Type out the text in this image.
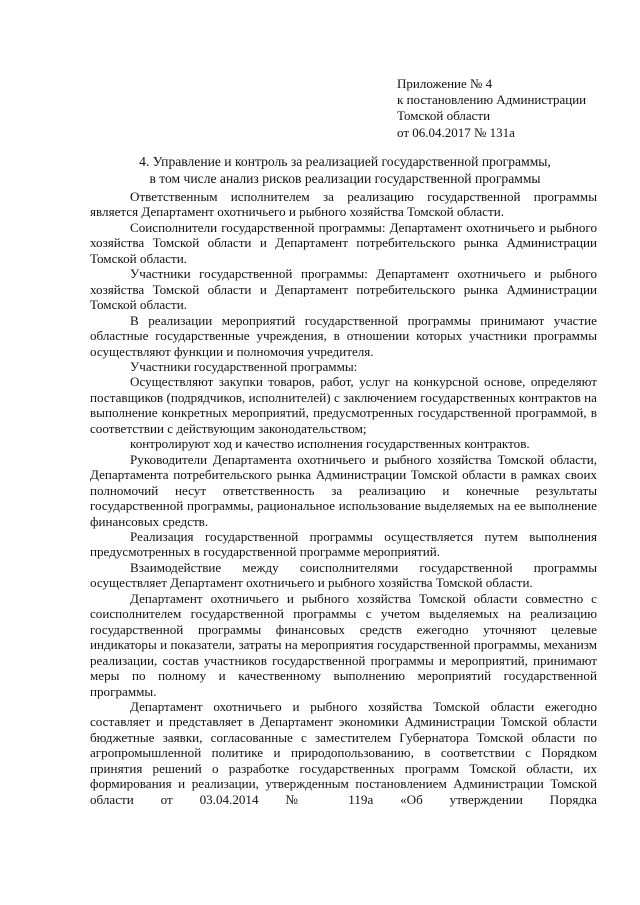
Приложение № 4
к постановлению Администрации
Томской области
от 06.04.2017 № 131а
4. Управление и контроль за реализацией государственной программы,
в том числе анализ рисков реализации государственной программы

Ответственным исполнителем за реализацию государственной программы является Департамент охотничьего и рыбного хозяйства Томской области.

Соисполнители государственной программы: Департамент охотничьего и рыбного хозяйства Томской области и Департамент потребительского рынка Администрации Томской области.

Участники государственной программы: Департамент охотничьего и рыбного хозяйства Томской области и Департамент потребительского рынка Администрации Томской области.

В реализации мероприятий государственной программы принимают участие областные государственные учреждения, в отношении которых участники программы осуществляют функции и полномочия учредителя.

Участники государственной программы:

Осуществляют закупки товаров, работ, услуг на конкурсной основе, определяют поставщиков (подрядчиков, исполнителей) с заключением государственных контрактов на выполнение конкретных мероприятий, предусмотренных государственной программой, в соответствии с действующим законодательством;

контролируют ход и качество исполнения государственных контрактов.

Руководители Департамента охотничьего и рыбного хозяйства Томской области, Департамента потребительского рынка Администрации Томской области в рамках своих полномочий несут ответственность за реализацию и конечные результаты государственной программы, рациональное использование выделяемых на ее выполнение финансовых средств.

Реализация государственной программы осуществляется путем выполнения предусмотренных в государственной программе мероприятий.

Взаимодействие между соисполнителями государственной программы осуществляет Департамент охотничьего и рыбного хозяйства Томской области.

Департамент охотничьего и рыбного хозяйства Томской области совместно с соисполнителем государственной программы с учетом выделяемых на реализацию государственной программы финансовых средств ежегодно уточняют целевые индикаторы и показатели, затраты на мероприятия государственной программы, механизм реализации, состав участников государственной программы и мероприятий, принимают меры по полному и качественному выполнению мероприятий государственной программы.

Департамент охотничьего и рыбного хозяйства Томской области ежегодно составляет и представляет в Департамент экономики Администрации Томской области бюджетные заявки, согласованные с заместителем Губернатора Томской области по агропромышленной политике и природопользованию, в соответствии с Порядком принятия решений о разработке государственных программ Томской области, их формирования и реализации, утвержденным постановлением Администрации Томской области от 03.04.2014 № 119а «Об утверждении Порядка
